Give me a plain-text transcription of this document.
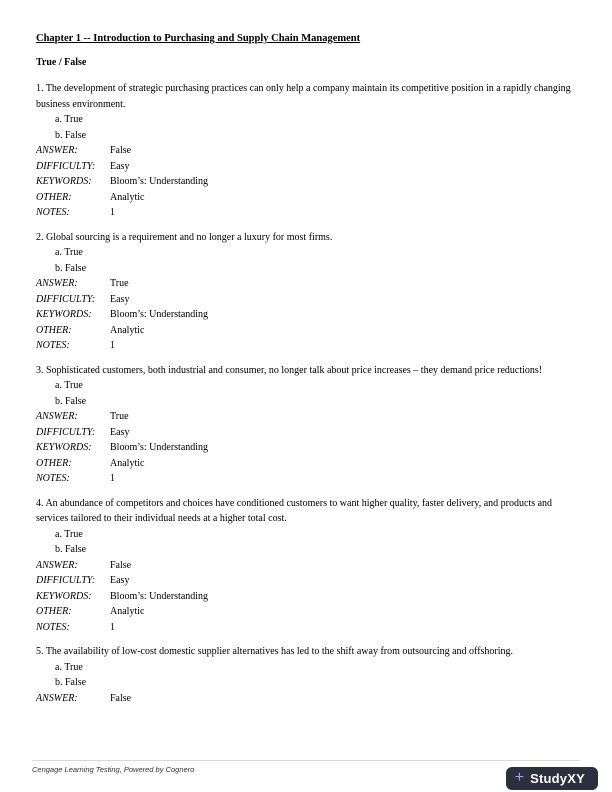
Chapter 1 -- Introduction to Purchasing and Supply Chain Management
True / False

1. The development of strategic purchasing practices can only help a company maintain its competitive position in a rapidly changing business environment.

a. True
b. False
ANSWER:	False
DIFFICULTY:	Easy
KEYWORDS:	Bloom’s: Understanding
OTHER:	Analytic
NOTES:	1

2. Global sourcing is a requirement and no longer a luxury for most firms.

a. True
b. False
ANSWER:	True
DIFFICULTY:	Easy
KEYWORDS:	Bloom’s: Understanding
OTHER:	Analytic
NOTES:	1

3. Sophisticated customers, both industrial and consumer, no longer talk about price increases – they demand price reductions!

a. True
b. False
ANSWER:	True
DIFFICULTY:	Easy
KEYWORDS:	Bloom’s: Understanding
OTHER:	Analytic
NOTES:	1

4. An abundance of competitors and choices have conditioned customers to want higher quality, faster delivery, and products and services tailored to their individual needs at a higher total cost.

a. True
b. False
ANSWER:	False
DIFFICULTY:	Easy
KEYWORDS:	Bloom’s: Understanding
OTHER:	Analytic
NOTES:	1

5. The availability of low-cost domestic supplier alternatives has led to the shift away from outsourcing and offshoring.

a. True
b. False
ANSWER:	False
Cengage Learning Testing, Powered by Cognero	+ StudyXY
